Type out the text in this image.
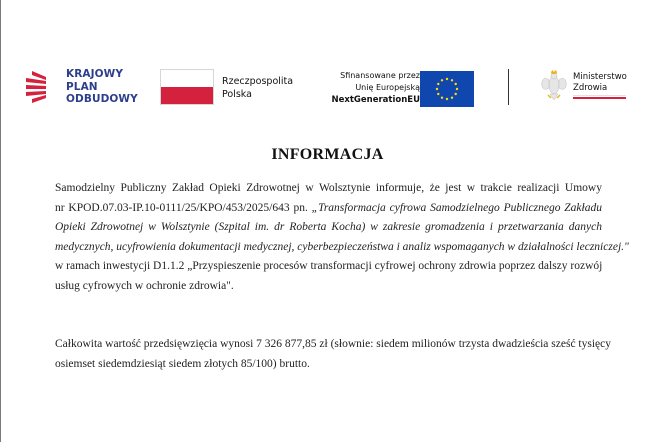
KRAJOWY
PLAN
ODBUDOWY
Rzeczpospolita
Polska
Sfinansowane przez
Unię Europejską
NextGenerationEU
Ministerstwo
Zdrowia
INFORMACJA
Samodzielny Publiczny Zakład Opieki Zdrowotnej w Wolsztynie informuje, że jest w trakcie realizacji Umowy
nr KPOD.07.03-IP.10-0111/25/KPO/453/2025/643 pn. „Transformacja cyfrowa Samodzielnego Publicznego Zakładu
Opieki Zdrowotnej w Wolsztynie (Szpital im. dr Roberta Kocha) w zakresie gromadzenia i przetwarzania danych
medycznych, ucyfrowienia dokumentacji medycznej, cyberbezpieczeństwa i analiz wspomaganych w działalności leczniczej."
w ramach inwestycji D1.1.2 „Przyspieszenie procesów transformacji cyfrowej ochrony zdrowia poprzez dalszy rozwój
usług cyfrowych w ochronie zdrowia".
Całkowita wartość przedsięwzięcia wynosi 7 326 877,85 zł (słownie: siedem milionów trzysta dwadzieścia sześć tysięcy
osiemset siedemdziesiąt siedem złotych 85/100) brutto.
